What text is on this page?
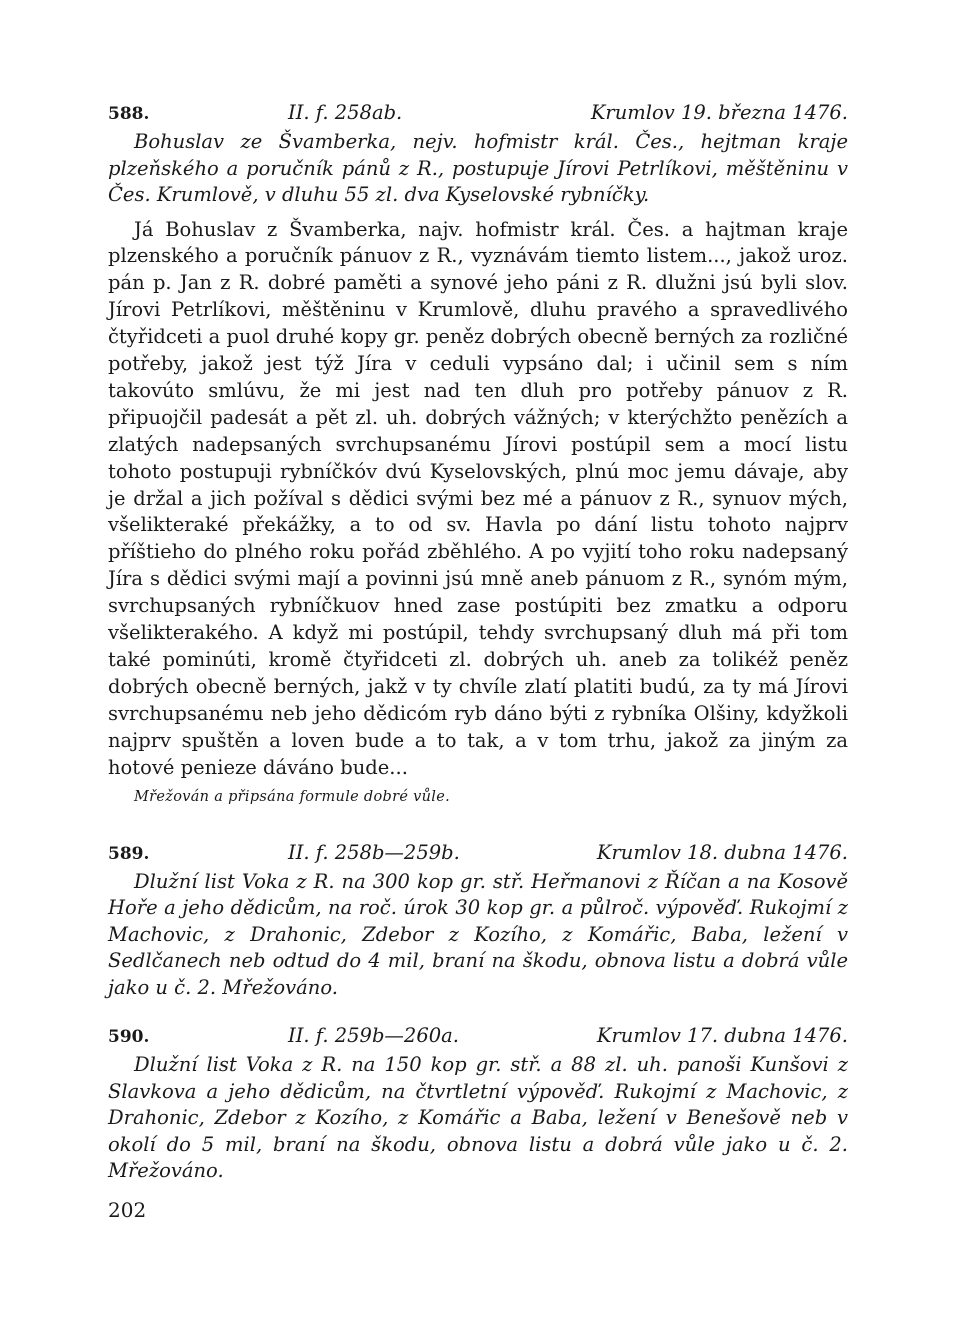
588.	II. f. 258ab.	Krumlov 19. března 1476.

Bohuslav ze Švamberka, nejv. hofmistr král. Čes., hejtman kraje plzeňského a poručník pánů z R., postupuje Jírovi Petrlíkovi, měštěninu v Čes. Krumlově, v dluhu 55 zl. dva Kyselovské rybníčky.

Já Bohuslav z Švamberka, najv. hofmistr král. Čes. a hajtman kraje plzenského a poručník pánuov z R., vyznávám tiemto listem..., jakož uroz. pán p. Jan z R. dobré paměti a synové jeho páni z R. dlužni jsú byli slov. Jírovi Petrlíkovi, měštěninu v Krumlově, dluhu pravého a spravedlivého čtyřidceti a puol druhé kopy gr. peněz dobrých obecně berných za rozličné potřeby, jakož jest týž Jíra v ceduli vypsáno dal; i učinil sem s ním takovúto smlúvu, že mi jest nad ten dluh pro potřeby pánuov z R. připuojčil padesát a pět zl. uh. dobrých vážných; v kterýchžto penězích a zlatých nadepsaných svrchupsanému Jírovi postúpil sem a mocí listu tohoto postupuji rybníčkóv dvú Kyselovských, plnú moc jemu dávaje, aby je držal a jich požíval s dědici svými bez mé a pánuov z R., synuov mých, všelikteraké překážky, a to od sv. Havla po dání listu tohoto najprv příštieho do plného roku pořád zběhlého. A po vyjití toho roku nadepsaný Jíra s dědici svými mají a povinni jsú mně aneb pánuom z R., synóm mým, svrchupsaných rybníčkuov hned zase postúpiti bez zmatku a odporu všelikterakého. A když mi postúpil, tehdy svrchupsaný dluh má při tom také pominúti, kromě čtyřidceti zl. dobrých uh. aneb za tolikéž peněz dobrých obecně berných, jakž v ty chvíle zlatí platiti budú, za ty má Jírovi svrchupsanému neb jeho dědicóm ryb dáno býti z rybníka Olšiny, kdyžkoli najprv spuštěn a loven bude a to tak, a v tom trhu, jakož za jiným za hotové penieze dáváno bude...

Mřežován a připsána formule dobré vůle.

589.	II. f. 258b—259b.	Krumlov 18. dubna 1476.

Dlužní list Voka z R. na 300 kop gr. stř. Heřmanovi z Říčan a na Kosově Hoře a jeho dědicům, na roč. úrok 30 kop gr. a půlroč. výpověď. Rukojmí z Machovic, z Drahonic, Zdebor z Kozího, z Komářic, Baba, ležení v Sedlčanech neb odtud do 4 mil, braní na škodu, obnova listu a dobrá vůle jako u č. 2. Mřežováno.

590.	II. f. 259b—260a.	Krumlov 17. dubna 1476.

Dlužní list Voka z R. na 150 kop gr. stř. a 88 zl. uh. panoši Kunšovi z Slavkova a jeho dědicům, na čtvrtletní výpověď. Rukojmí z Machovic, z Drahonic, Zdebor z Kozího, z Komářic a Baba, ležení v Benešově neb v okolí do 5 mil, braní na škodu, obnova listu a dobrá vůle jako u č. 2. Mřežováno.

202
